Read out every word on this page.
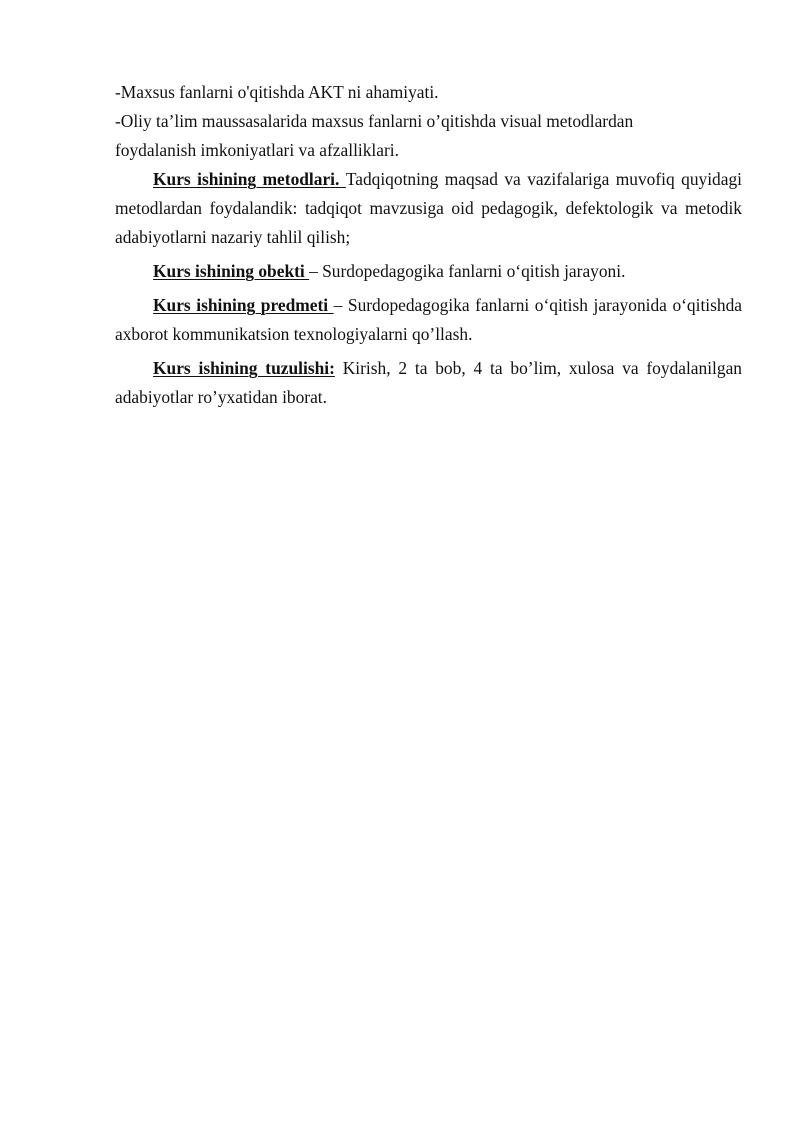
-Maxsus fanlarni o'qitishda AKT ni ahamiyati.

-Oliy ta’lim maussasalarida maxsus fanlarni o’qitishda visual metodlardan

foydalanish imkoniyatlari va afzalliklari.

Kurs ishining metodlari. Tadqiqotning maqsad va vazifalariga muvofiq quyidagi metodlardan foydalandik: tadqiqot mavzusiga oid pedagogik, defektologik va metodik adabiyotlarni nazariy tahlil qilish;

Kurs ishining obekti – Surdopedagogika fanlarni o‘qitish jarayoni.

Kurs ishining predmeti – Surdopedagogika fanlarni o‘qitish jarayonida o‘qitishda axborot kommunikatsion texnologiyalarni qo’llash.

Kurs ishining tuzulishi: Kirish, 2 ta bob, 4 ta bo’lim, xulosa va foydalanilgan adabiyotlar ro’yxatidan iborat.
